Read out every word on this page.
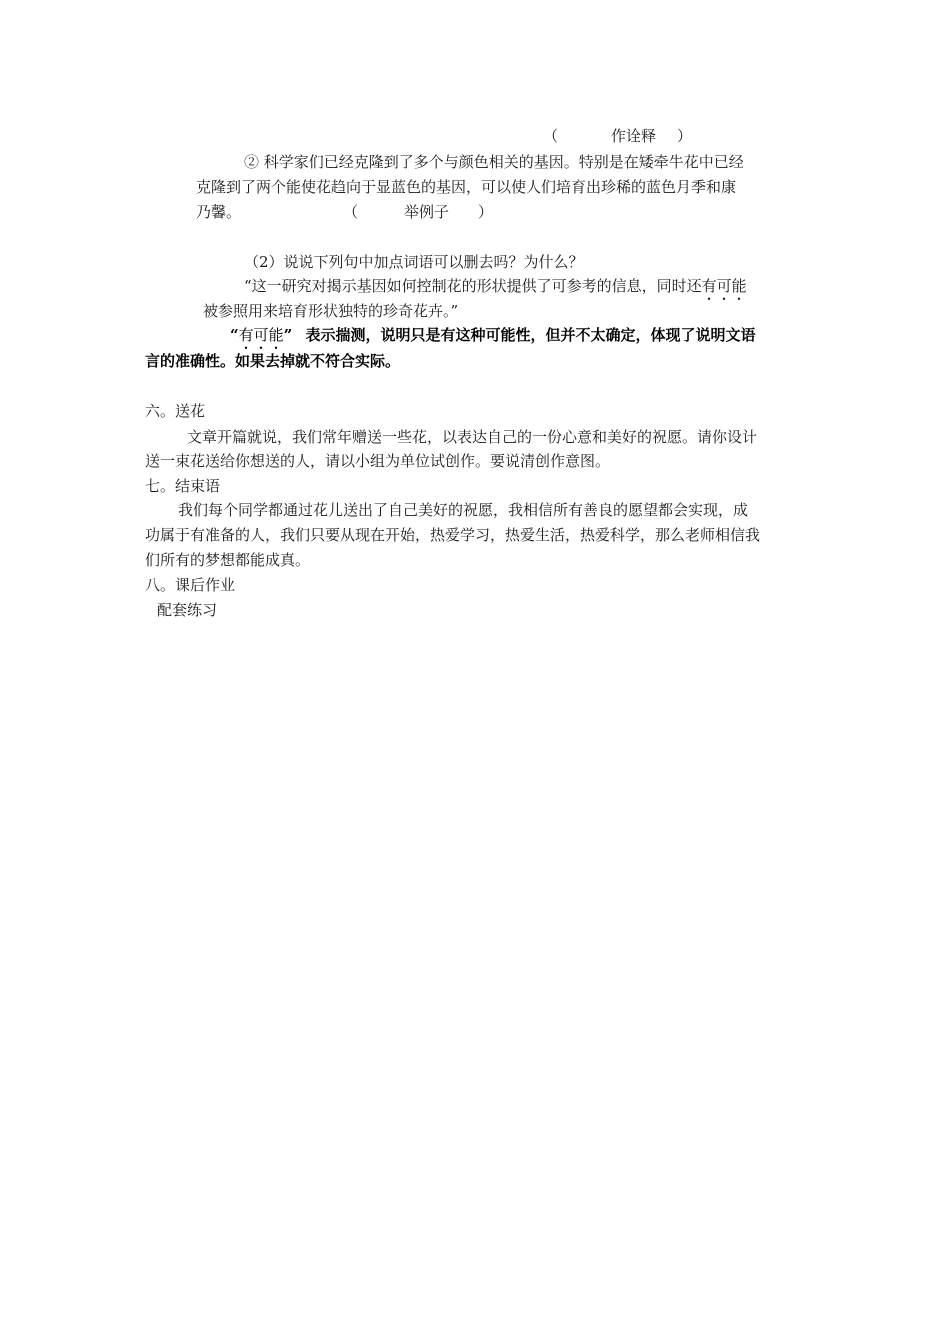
（	作诠释 ）
② 科学家们已经克隆到了多个与颜色相关的基因。特别是在矮牵牛花中已经
克隆到了两个能使花趋向于显蓝色的基因，可以使人们培育出珍稀的蓝色月季和康
乃馨。	（	举例子 ）
（2）说说下列句中加点词语可以删去吗？为什么？
“这一研究对揭示基因如何控制花的形状提供了可参考的信息，同时还有可能
被参照用来培育形状独特的珍奇花卉。”
“有可能” 表示揣测，说明只是有这种可能性，但并不太确定，体现了说明文语
言的准确性。如果去掉就不符合实际。
六。送花
文章开篇就说，我们常年赠送一些花，以表达自己的一份心意和美好的祝愿。请你设计
送一束花送给你想送的人，请以小组为单位试创作。要说清创作意图。
七。结束语
我们每个同学都通过花儿送出了自己美好的祝愿，我相信所有善良的愿望都会实现，成
功属于有准备的人，我们只要从现在开始，热爱学习，热爱生活，热爱科学，那么老师相信我
们所有的梦想都能成真。
八。课后作业
配套练习
